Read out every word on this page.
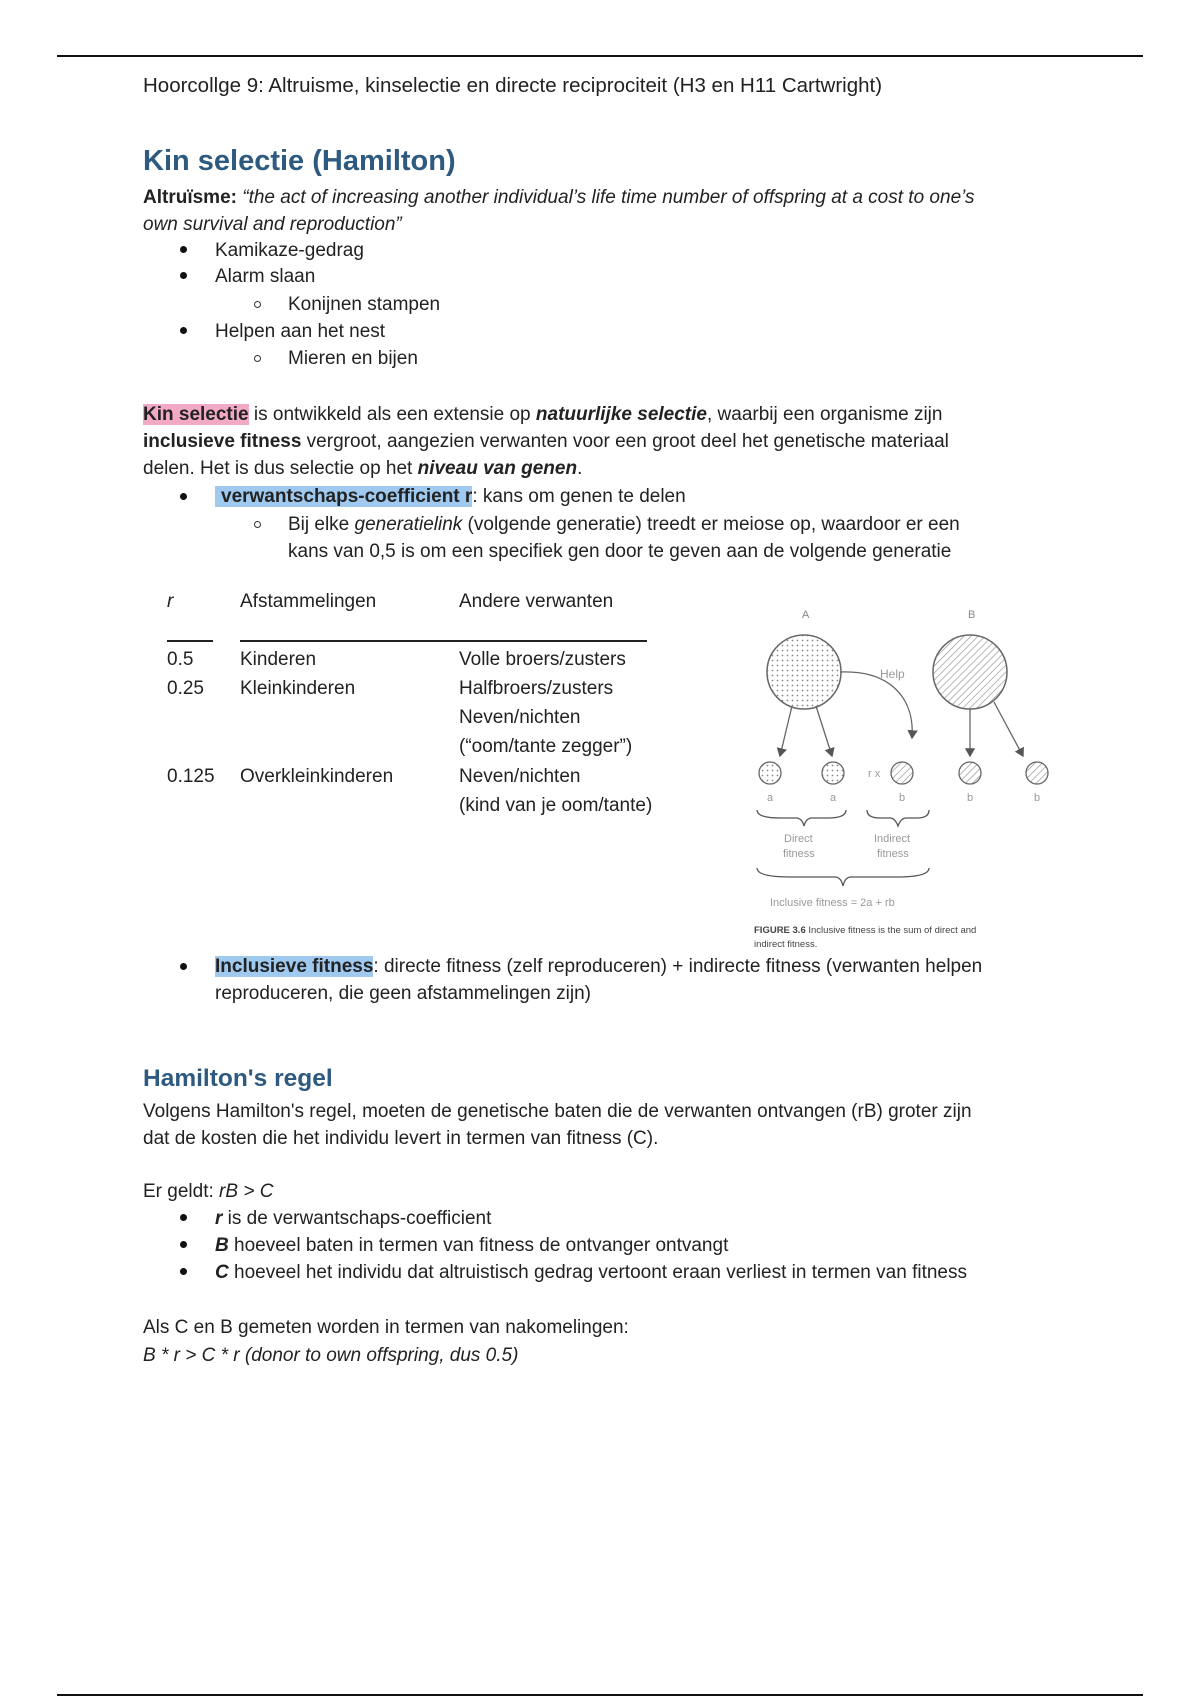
Hoorcollge 9: Altruisme, kinselectie en directe reciprociteit (H3 en H11 Cartwright)
Kin selectie (Hamilton)
Altruïsme: “the act of increasing another individual’s life time number of offspring at a cost to one’s
own survival and reproduction”
Kamikaze-gedrag
Alarm slaan
Konijnen stampen
Helpen aan het nest
Mieren en bijen
Kin selectie is ontwikkeld als een extensie op natuurlijke selectie, waarbij een organisme zijn
inclusieve fitness vergroot, aangezien verwanten voor een groot deel het genetische materiaal
delen. Het is dus selectie op het niveau van genen.
verwantschaps-coefficient r: kans om genen te delen
Bij elke generatielink (volgende generatie) treedt er meiose op, waardoor er een
kans van 0,5 is om een specifiek gen door te geven aan de volgende generatie
r	Afstammelingen	Andere verwanten
0.5 Kinderen	Volle broers/zusters
0.25 Kleinkinderen	Halfbroers/zusters
Neven/nichten
(“oom/tante zegger”)
0.125 Overkleinkinderen	Neven/nichten
(kind van je oom/tante)
A	B
Help
r x
a	a	b	b	b
Direct
fitness
Indirect
fitness
Inclusive fitness = 2a + rb
FIGURE 3.6 Inclusive fitness is the sum of direct and
indirect fitness.
Inclusieve fitness: directe fitness (zelf reproduceren) + indirecte fitness (verwanten helpen
reproduceren, die geen afstammelingen zijn)
Hamilton's regel
Volgens Hamilton's regel, moeten de genetische baten die de verwanten ontvangen (rB) groter zijn
dat de kosten die het individu levert in termen van fitness (C).
Er geldt: rB > C
r is de verwantschaps-coefficient
B hoeveel baten in termen van fitness de ontvanger ontvangt
C hoeveel het individu dat altruistisch gedrag vertoont eraan verliest in termen van fitness
Als C en B gemeten worden in termen van nakomelingen:
B * r > C * r (donor to own offspring, dus 0.5)
